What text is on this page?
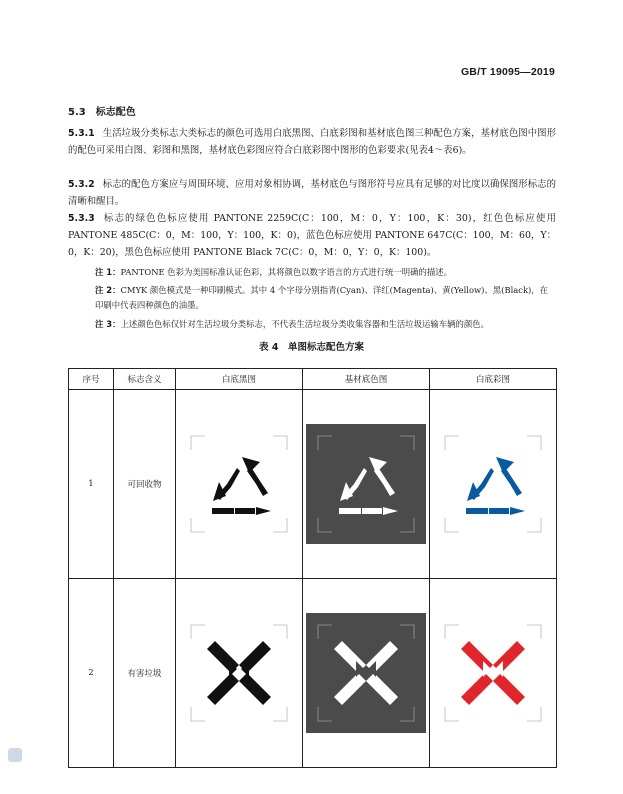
GB/T 19095—2019
5.3　 标志配色
5.3.1 生活垃圾分类标志大类标志的颜色可选用白底黑图、白底彩图和基材底色图三种配色方案，基材底色图中图形的配色可采用白图、彩图和黑图，基材底色彩图应符合白底彩图中图形的色彩要求(见表4～表6)。
5.3.2 标志的配色方案应与周围环境、应用对象相协调，基材底色与图形符号应具有足够的对比度以确保图形标志的清晰和醒目。
5.3.3 标志的绿色色标应使用 PANTONE 2259C(C：100，M：0，Y：100，K：30)，红色色标应使用 PANTONE 485C(C：0，M：100，Y：100，K：0)，蓝色色标应使用 PANTONE 647C(C：100，M：60，Y：0，K：20)，黑色色标应使用 PANTONE Black 7C(C：0，M：0，Y：0，K：100)。
注 1：PANTONE 色彩为美国标准认证色彩，其将颜色以数字语言的方式进行统一明确的描述。
注 2：CMYK 颜色模式是一种印刷模式。其中 4 个字母分别指青(Cyan)、洋红(Magenta)、黄(Yellow)、黑(Black)，在印刷中代表四种颜色的油墨。
注 3：上述颜色色标仅针对生活垃圾分类标志，不代表生活垃圾分类收集容器和生活垃圾运输车辆的颜色。
表 4　单图标志配色方案
序号	标志含义	白底黑图	基材底色图	白底彩图
1	可回收物	

2	有害垃圾	
